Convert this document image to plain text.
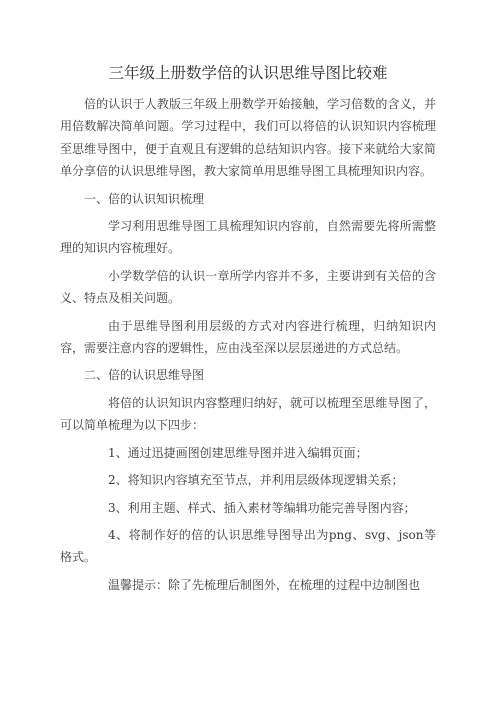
三年级上册数学倍的认识思维导图比较难

倍的认识于人教版三年级上册数学开始接触，学习倍数的含义，并用倍数解决简单问题。学习过程中，我们可以将倍的认识知识内容梳理至思维导图中，便于直观且有逻辑的总结知识内容。接下来就给大家简单分享倍的认识思维导图，教大家简单用思维导图工具梳理知识内容。

一、倍的认识知识梳理

学习利用思维导图工具梳理知识内容前，自然需要先将所需整理的知识内容梳理好。

小学数学倍的认识一章所学内容并不多，主要讲到有关倍的含义、特点及相关问题。

由于思维导图利用层级的方式对内容进行梳理，归纳知识内容，需要注意内容的逻辑性，应由浅至深以层层递进的方式总结。

二、倍的认识思维导图

将倍的认识知识内容整理归纳好，就可以梳理至思维导图了，可以简单梳理为以下四步：

1、通过迅捷画图创建思维导图并进入编辑页面；

2、将知识内容填充至节点，并利用层级体现逻辑关系；

3、利用主题、样式、插入素材等编辑功能完善导图内容；

4、将制作好的倍的认识思维导图导出为png、svg、json等格式。

温馨提示：除了先梳理后制图外，在梳理的过程中边制图也
